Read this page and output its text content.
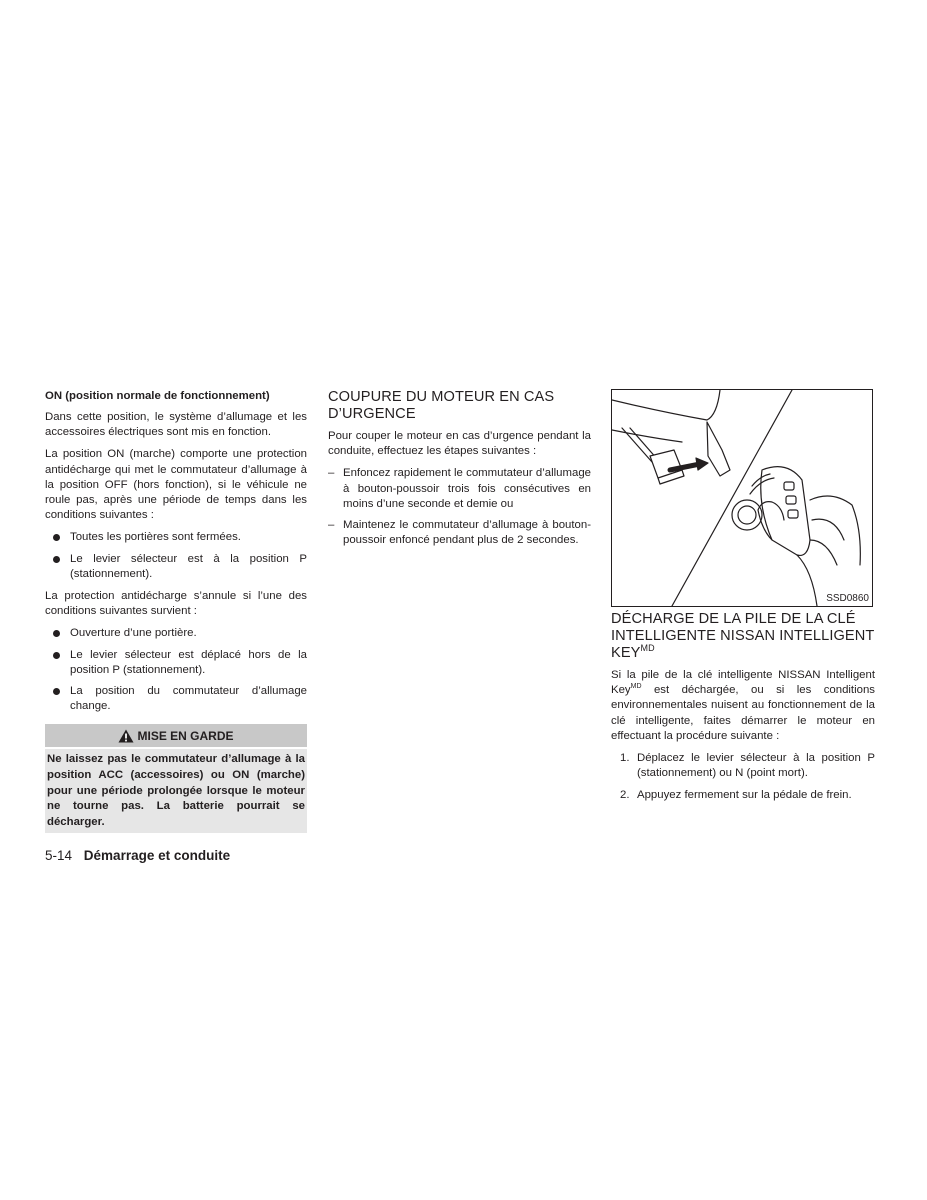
ON (position normale de fonctionnement)

Dans cette position, le système d’allumage et les accessoires électriques sont mis en fonction.

La position ON (marche) comporte une protection antidécharge qui met le commutateur d’allumage à la position OFF (hors fonction), si le véhicule ne roule pas, après une période de temps dans les conditions suivantes :

Toutes les portières sont fermées.

Le levier sélecteur est à la position P (stationnement).

La protection antidécharge s’annule si l’une des conditions suivantes survient :

Ouverture d’une portière.

Le levier sélecteur est déplacé hors de la position P (stationnement).

La position du commutateur d’allumage change.

MISE EN GARDE

Ne laissez pas le commutateur d’allumage à la position ACC (accessoires) ou ON (marche) pour une période prolongée lorsque le moteur ne tourne pas. La batterie pourrait se décharger.

COUPURE DU MOTEUR EN CAS D’URGENCE

Pour couper le moteur en cas d’urgence pendant la conduite, effectuez les étapes suivantes :

– Enfoncez rapidement le commutateur d’allumage à bouton-poussoir trois fois consécutives en moins d’une seconde et demie ou

– Maintenez le commutateur d’allumage à bouton-poussoir enfoncé pendant plus de 2 secondes.

SSD0860
DÉCHARGE DE LA PILE DE LA CLÉ INTELLIGENTE NISSAN INTELLIGENT $KEY^{MD}$

Si la pile de la clé intelligente NISSAN Intelligent Key$^{MD}$ est déchargée, ou si les conditions environnementales nuisent au fonctionnement de la clé intelligente, faites démarrer le moteur en effectuant la procédure suivante :

1. Déplacez le levier sélecteur à la position P (stationnement) ou N (point mort).

2. Appuyez fermement sur la pédale de frein.

5-14 Démarrage et conduite
